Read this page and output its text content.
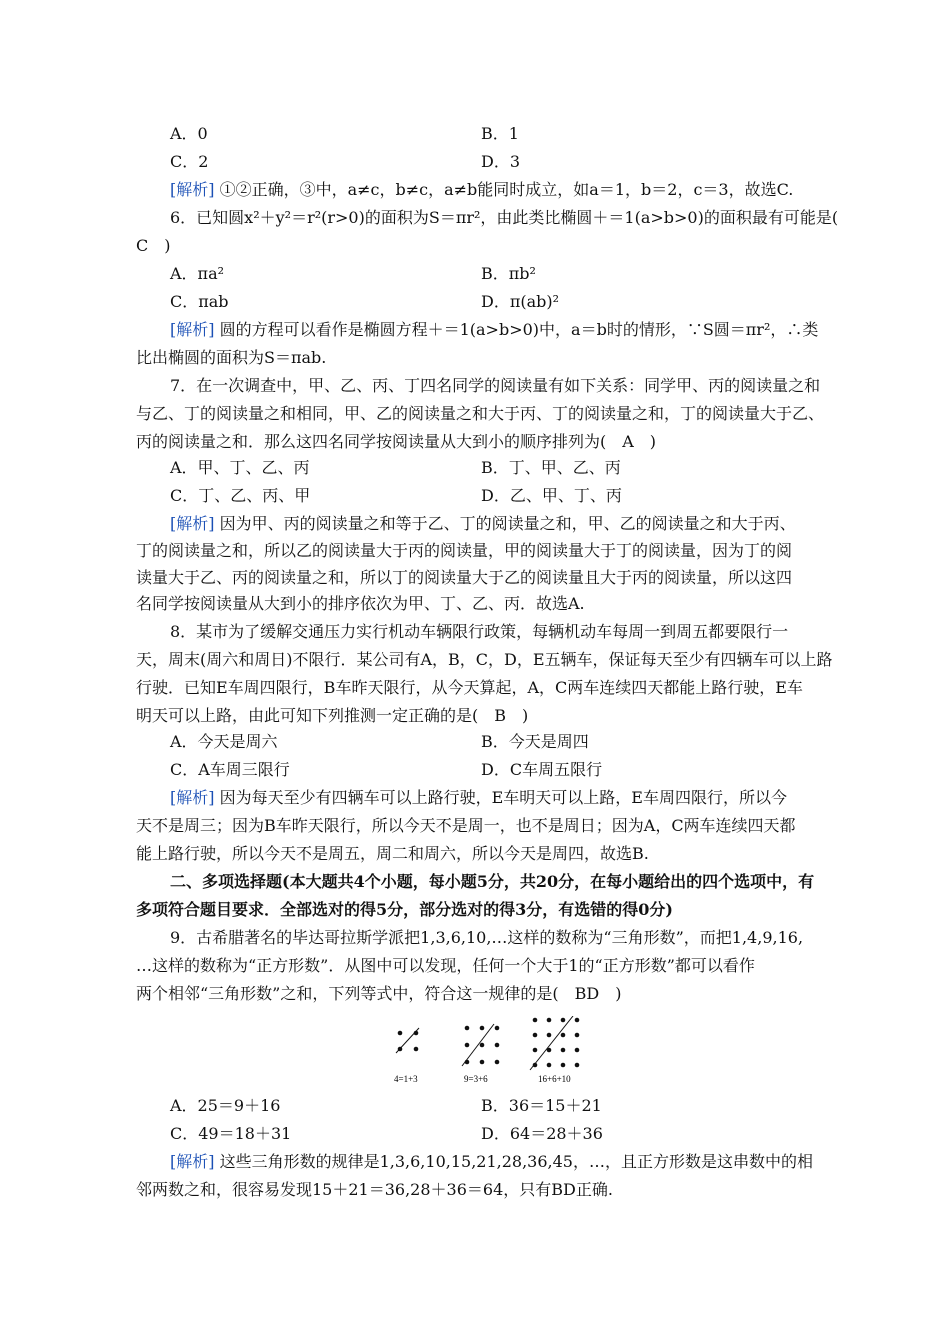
A．0	B．1
C．2	D．3
[解析] ①②正确，③中，a≠c，b≠c，a≠b能同时成立，如a＝1，b＝2，c＝3，故选C.
6．已知圆x²＋y²＝r²(r>0)的面积为S＝πr²，由此类比椭圆＋＝1(a>b>0)的面积最有可能是(
C　)
A．πa²	B．πb²
C．πab	D．π(ab)²
[解析] 圆的方程可以看作是椭圆方程＋＝1(a>b>0)中，a＝b时的情形，∵S圆＝πr²，∴类
比出椭圆的面积为S＝πab.
7．在一次调查中，甲、乙、丙、丁四名同学的阅读量有如下关系：同学甲、丙的阅读量之和
与乙、丁的阅读量之和相同，甲、乙的阅读量之和大于丙、丁的阅读量之和，丁的阅读量大于乙、
丙的阅读量之和．那么这四名同学按阅读量从大到小的顺序排列为(　A　)
A．甲、丁、乙、丙	B．丁、甲、乙、丙
C．丁、乙、丙、甲	D．乙、甲、丁、丙
[解析] 因为甲、丙的阅读量之和等于乙、丁的阅读量之和，甲、乙的阅读量之和大于丙、
丁的阅读量之和，所以乙的阅读量大于丙的阅读量，甲的阅读量大于丁的阅读量，因为丁的阅
读量大于乙、丙的阅读量之和，所以丁的阅读量大于乙的阅读量且大于丙的阅读量，所以这四
名同学按阅读量从大到小的排序依次为甲、丁、乙、丙．故选A.
8．某市为了缓解交通压力实行机动车辆限行政策，每辆机动车每周一到周五都要限行一
天，周末(周六和周日)不限行．某公司有A，B，C，D，E五辆车，保证每天至少有四辆车可以上路
行驶．已知E车周四限行，B车昨天限行，从今天算起，A，C两车连续四天都能上路行驶，E车
明天可以上路，由此可知下列推测一定正确的是(　B　)
A．今天是周六	B．今天是周四
C．A车周三限行	D．C车周五限行
[解析] 因为每天至少有四辆车可以上路行驶，E车明天可以上路，E车周四限行，所以今
天不是周三；因为B车昨天限行，所以今天不是周一，也不是周日；因为A，C两车连续四天都
能上路行驶，所以今天不是周五，周二和周六，所以今天是周四，故选B.
二、多项选择题(本大题共4个小题，每小题5分，共20分，在每小题给出的四个选项中，有
多项符合题目要求．全部选对的得5分，部分选对的得3分，有选错的得0分)
9．古希腊著名的毕达哥拉斯学派把1,3,6,10,…这样的数称为“三角形数”，而把1,4,9,16,
…这样的数称为“正方形数”．从图中可以发现，任何一个大于1的“正方形数”都可以看作
两个相邻“三角形数”之和，下列等式中，符合这一规律的是(　BD　)
4=1+3	9=3+6	16+6+10
A．25＝9＋16	B．36＝15＋21
C．49＝18＋31	D．64＝28＋36
[解析] 这些三角形数的规律是1,3,6,10,15,21,28,36,45，…，且正方形数是这串数中的相
邻两数之和，很容易发现15＋21＝36,28＋36＝64，只有BD正确.
